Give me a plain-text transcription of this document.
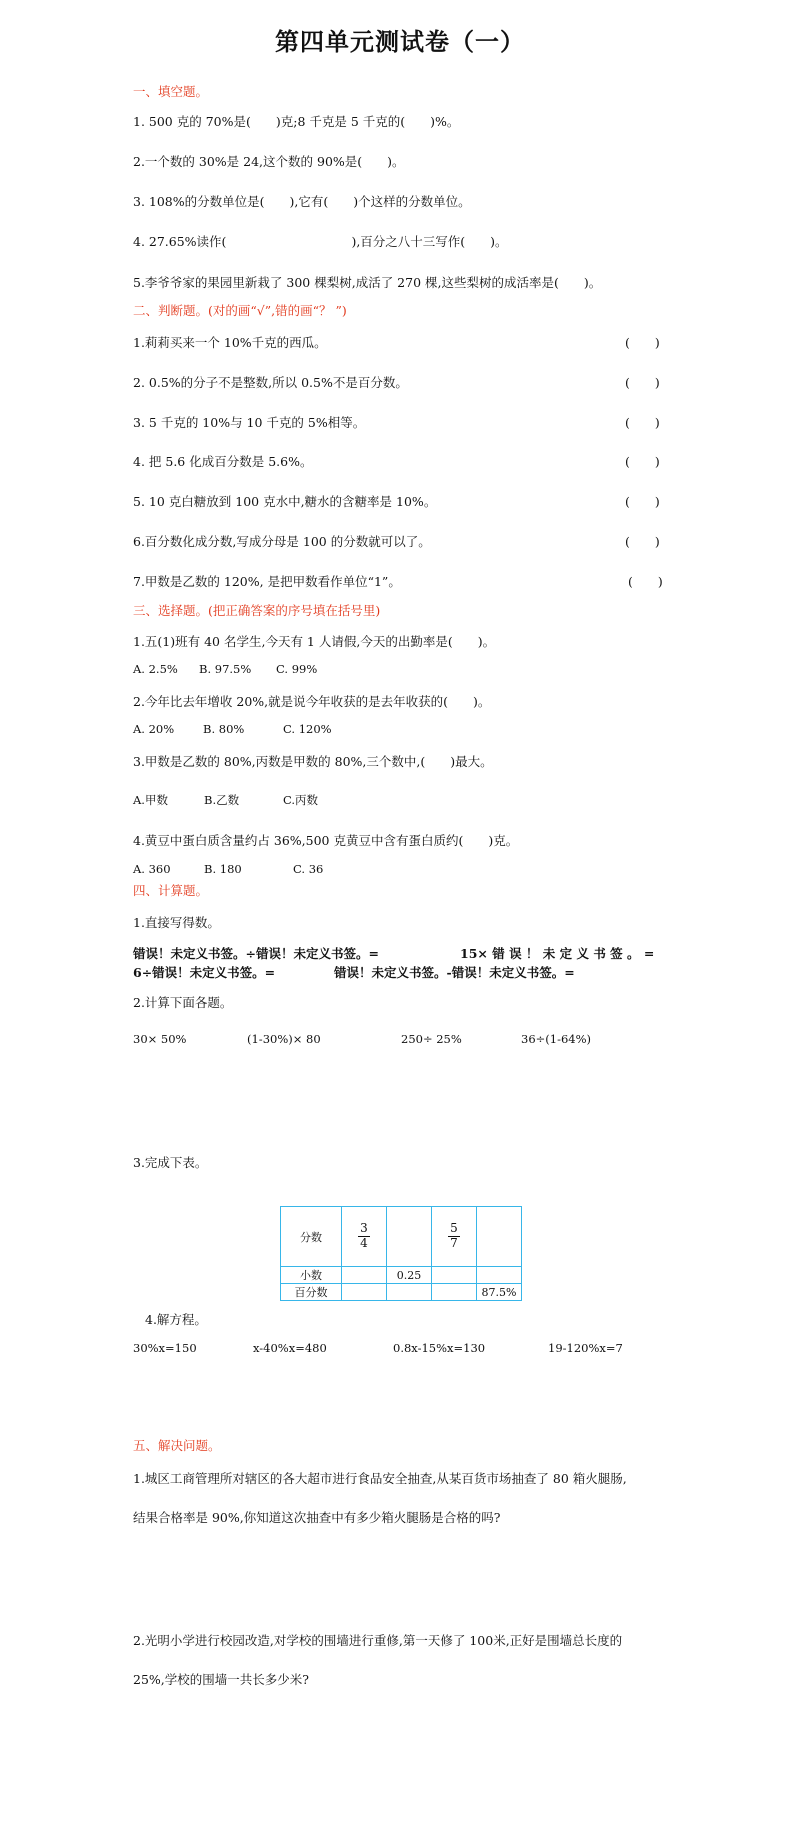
第四单元测试卷（一）
一、填空题。
1. 500 克的 70%是(　　)克;8 千克是 5 千克的(　　)%。
2.一个数的 30%是 24,这个数的 90%是(　　)。
3. 108%的分数单位是(　　),它有(　　)个这样的分数单位。
4. 27.65%读作(　　　　　　　　　　),百分之八十三写作(　　)。
5.李爷爷家的果园里新栽了 300 棵梨树,成活了 270 棵,这些梨树的成活率是(　　)。
二、判断题。(对的画“√”,错的画“？ ”)
1.莉莉买来一个 10%千克的西瓜。	(　　)
2. 0.5%的分子不是整数,所以 0.5%不是百分数。	(　　)
3. 5 千克的 10%与 10 千克的 5%相等。	(　　)
4. 把 5.6 化成百分数是 5.6%。	(　　)
5. 10 克白糖放到 100 克水中,糖水的含糖率是 10%。	(　　)
6.百分数化成分数,写成分母是 100 的分数就可以了。	(　　)
7.甲数是乙数的 120%, 是把甲数看作单位“1”。	(　　)
三、选择题。(把正确答案的序号填在括号里)
1.五(1)班有 40 名学生,今天有 1 人请假,今天的出勤率是(　　)。
A. 2.5% B. 97.5% C. 99%
2.今年比去年增收 20%,就是说今年收获的是去年收获的(　　)。
A. 20%	B. 80%	C. 120%
3.甲数是乙数的 80%,丙数是甲数的 80%,三个数中,(　　)最大。
A.甲数	B.乙数	C.丙数
4.黄豆中蛋白质含量约占 36%,500 克黄豆中含有蛋白质约(　　)克。
A. 360	B. 180	C. 36
四、计算题。
1.直接写得数。
错误！未定义书签。÷错误！未定义书签。=	15× 错 误 ！ 未 定 义 书 签 。 =
6÷错误！未定义书签。=	错误！未定义书签。-错误！未定义书签。=
2.计算下面各题。
30× 50%	(1-30%)× 80	250÷ 25%	36÷(1-64%)
3.完成下表。
分数	$\frac{3}{4}$		$\frac{5}{7}$

小数		0.25		
百分数				87.5%
4.解方程。
30%x=150	x-40%x=480	0.8x-15%x=130	19-120%x=7
五、解决问题。
1.城区工商管理所对辖区的各大超市进行食品安全抽查,从某百货市场抽查了 80 箱火腿肠,
结果合格率是 90%,你知道这次抽查中有多少箱火腿肠是合格的吗?
2.光明小学进行校园改造,对学校的围墙进行重修,第一天修了 100米,正好是围墙总长度的
25%,学校的围墙一共长多少米?
